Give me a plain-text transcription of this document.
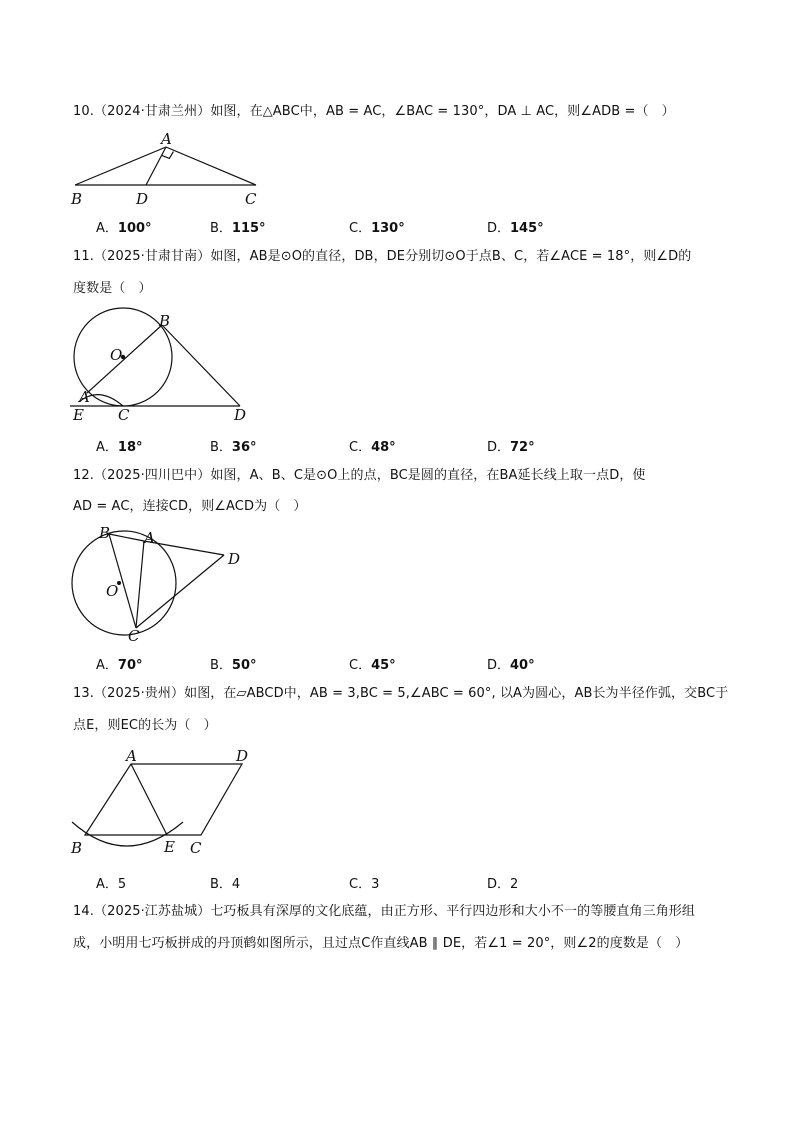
10.（2024·甘肃兰州）如图，在△ABC中，AB = AC，∠BAC = 130°，DA ⊥ AC，则∠ADB =（　）
A
B	D	C
A．100°	B．115°	C．130°	D．145°
11.（2025·甘肃甘南）如图，AB是⊙O的直径，DB，DE分别切⊙O于点B、C，若∠ACE = 18°，则∠D的
度数是（　）
B
O
A
E C	D
A．18°	B．36°	C．48°	D．72°
12.（2025·四川巴中）如图，A、B、C是⊙O上的点，BC是圆的直径，在BA延长线上取一点D，使
AD = AC，连接CD，则∠ACD为（　）
B A
D
O
C
A．70°	B．50°	C．45°	D．40°
13.（2025·贵州）如图，在▱ABCD中，AB = 3,BC = 5,∠ABC = 60°, 以A为圆心，AB长为半径作弧，交BC于
点E，则EC的长为（　）
A	D
B	E C
A．5	B．4	C．3	D．2
14.（2025·江苏盐城）七巧板具有深厚的文化底蕴，由正方形、平行四边形和大小不一的等腰直角三角形组
成，小明用七巧板拼成的丹顶鹤如图所示，且过点C作直线AB ∥ DE，若∠1 = 20°，则∠2的度数是（　）
